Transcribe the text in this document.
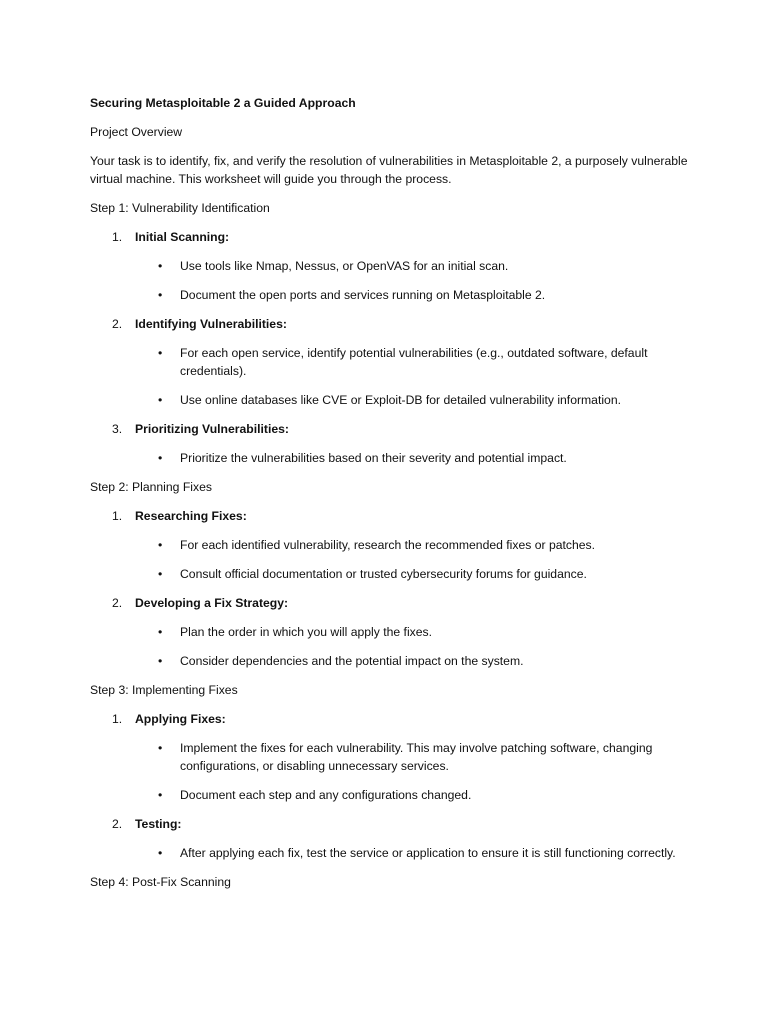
Securing Metasploitable 2 a Guided Approach
Project Overview
Your task is to identify, fix, and verify the resolution of vulnerabilities in Metasploitable 2, a purposely vulnerable virtual machine. This worksheet will guide you through the process.
Step 1: Vulnerability Identification
1. Initial Scanning:
• Use tools like Nmap, Nessus, or OpenVAS for an initial scan.
• Document the open ports and services running on Metasploitable 2.
2. Identifying Vulnerabilities:
• For each open service, identify potential vulnerabilities (e.g., outdated software, default credentials).
• Use online databases like CVE or Exploit-DB for detailed vulnerability information.
3. Prioritizing Vulnerabilities:
• Prioritize the vulnerabilities based on their severity and potential impact.
Step 2: Planning Fixes
1. Researching Fixes:
• For each identified vulnerability, research the recommended fixes or patches.
• Consult official documentation or trusted cybersecurity forums for guidance.
2. Developing a Fix Strategy:
• Plan the order in which you will apply the fixes.
• Consider dependencies and the potential impact on the system.
Step 3: Implementing Fixes
1. Applying Fixes:
• Implement the fixes for each vulnerability. This may involve patching software, changing configurations, or disabling unnecessary services.
• Document each step and any configurations changed.
2. Testing:
• After applying each fix, test the service or application to ensure it is still functioning correctly.
Step 4: Post-Fix Scanning
